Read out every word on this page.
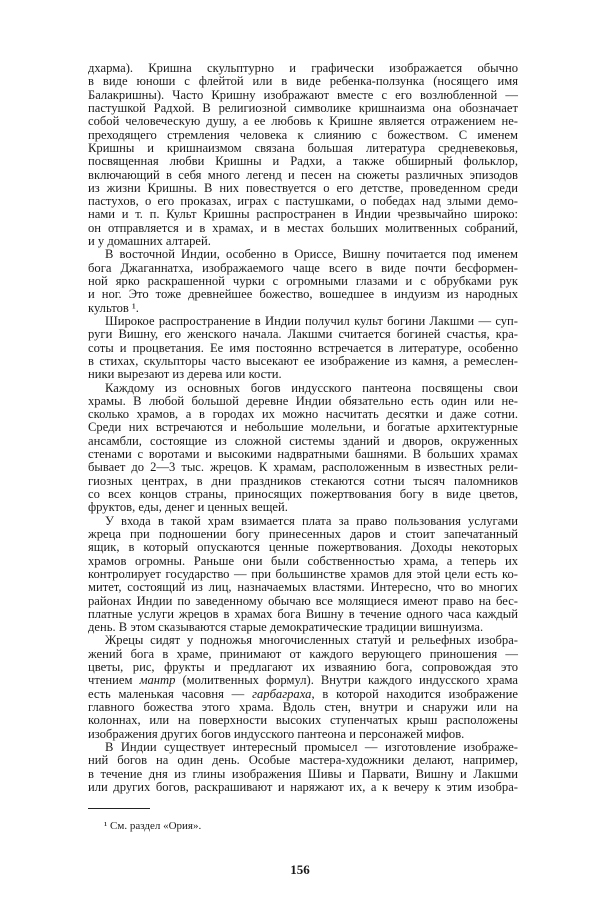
дхарма). Кришна скульптурно и графически изображается обычно
в виде юноши с флейтой или в виде ребенка-ползунка (носящего имя
Балакришны). Часто Кришну изображают вместе с его возлюбленной —
пастушкой Радхой. В религиозной символике кришнаизма она обозначает
собой человеческую душу, а ее любовь к Кришне является отражением не-
преходящего стремления человека к слиянию с божеством. С именем
Кришны и кришнаизмом связана большая литература средневековья,
посвященная любви Кришны и Радхи, а также обширный фольклор,
включающий в себя много легенд и песен на сюжеты различных эпизодов
из жизни Кришны. В них повествуется о его детстве, проведенном среди
пастухов, о его проказах, играх с пастушками, о победах над злыми демо-
нами и т. п. Культ Кришны распространен в Индии чрезвычайно широко:
он отправляется и в храмах, и в местах больших молитвенных собраний,
и у домашних алтарей.
В восточной Индии, особенно в Ориссе, Вишну почитается под именем
бога Джаганнатха, изображаемого чаще всего в виде почти бесформен-
ной ярко раскрашенной чурки с огромными глазами и с обрубками рук
и ног. Это тоже древнейшее божество, вошедшее в индуизм из народных
культов ¹.
Широкое распространение в Индии получил культ богини Лакшми — суп-
руги Вишну, его женского начала. Лакшми считается богиней счастья, кра-
соты и процветания. Ее имя постоянно встречается в литературе, особенно
в стихах, скульпторы часто высекают ее изображение из камня, а ремеслен-
ники вырезают из дерева или кости.
Каждому из основных богов индусского пантеона посвящены свои
храмы. В любой большой деревне Индии обязательно есть один или не-
сколько храмов, а в городах их можно насчитать десятки и даже сотни.
Среди них встречаются и небольшие молельни, и богатые архитектурные
ансамбли, состоящие из сложной системы зданий и дворов, окруженных
стенами с воротами и высокими надвратными башнями. В больших храмах
бывает до 2—3 тыс. жрецов. К храмам, расположенным в известных рели-
гиозных центрах, в дни праздников стекаются сотни тысяч паломников
со всех концов страны, приносящих пожертвования богу в виде цветов,
фруктов, еды, денег и ценных вещей.
У входа в такой храм взимается плата за право пользования услугами
жреца при подношении богу принесенных даров и стоит запечатанный
ящик, в который опускаются ценные пожертвования. Доходы некоторых
храмов огромны. Раньше они были собственностью храма, а теперь их
контролирует государство — при большинстве храмов для этой цели есть ко-
митет, состоящий из лиц, назначаемых властями. Интересно, что во многих
районах Индии по заведенному обычаю все молящиеся имеют право на бес-
платные услуги жрецов в храмах бога Вишну в течение одного часа каждый
день. В этом сказываются старые демократические традиции вишнуизма.
Жрецы сидят у подножья многочисленных статуй и рельефных изобра-
жений бога в храме, принимают от каждого верующего приношения —
цветы, рис, фрукты и предлагают их изваянию бога, сопровождая это
чтением мантр (молитвенных формул). Внутри каждого индусского храма
есть маленькая часовня — гарбаграха, в которой находится изображение
главного божества этого храма. Вдоль стен, внутри и снаружи или на
колоннах, или на поверхности высоких ступенчатых крыш расположены
изображения других богов индусского пантеона и персонажей мифов.
В Индии существует интересный промысел — изготовление изображе-
ний богов на один день. Особые мастера-художники делают, например,
в течение дня из глины изображения Шивы и Парвати, Вишну и Лакшми
или других богов, раскрашивают и наряжают их, а к вечеру к этим изобра-
¹ См. раздел «Ория».
156
